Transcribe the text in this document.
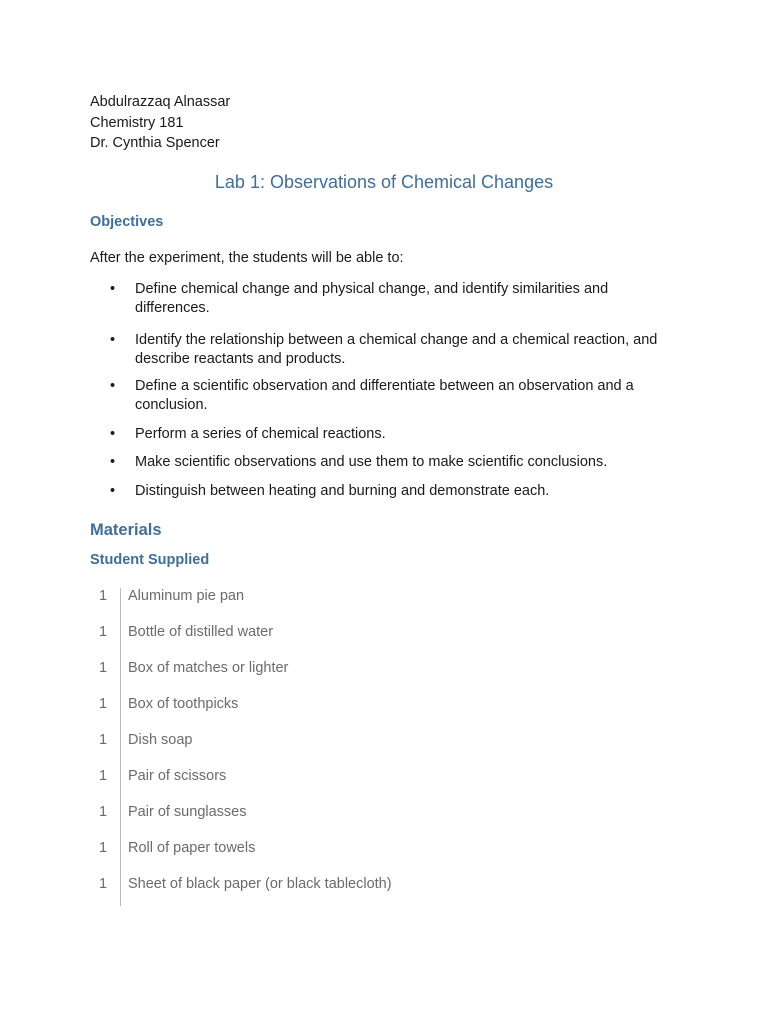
Abdulrazzaq Alnassar
Chemistry 181
Dr. Cynthia Spencer
Lab 1: Observations of Chemical Changes
Objectives
After the experiment, the students will be able to:
• Define chemical change and physical change, and identify similarities and differences.
• Identify the relationship between a chemical change and a chemical reaction, and describe reactants and products.
• Define a scientific observation and differentiate between an observation and a conclusion.
• Perform a series of chemical reactions.
• Make scientific observations and use them to make scientific conclusions.
• Distinguish between heating and burning and demonstrate each.
Materials
Student Supplied
1 Aluminum pie pan
1 Bottle of distilled water
1 Box of matches or lighter
1 Box of toothpicks
1 Dish soap
1 Pair of scissors
1 Pair of sunglasses
1 Roll of paper towels
1 Sheet of black paper (or black tablecloth)
